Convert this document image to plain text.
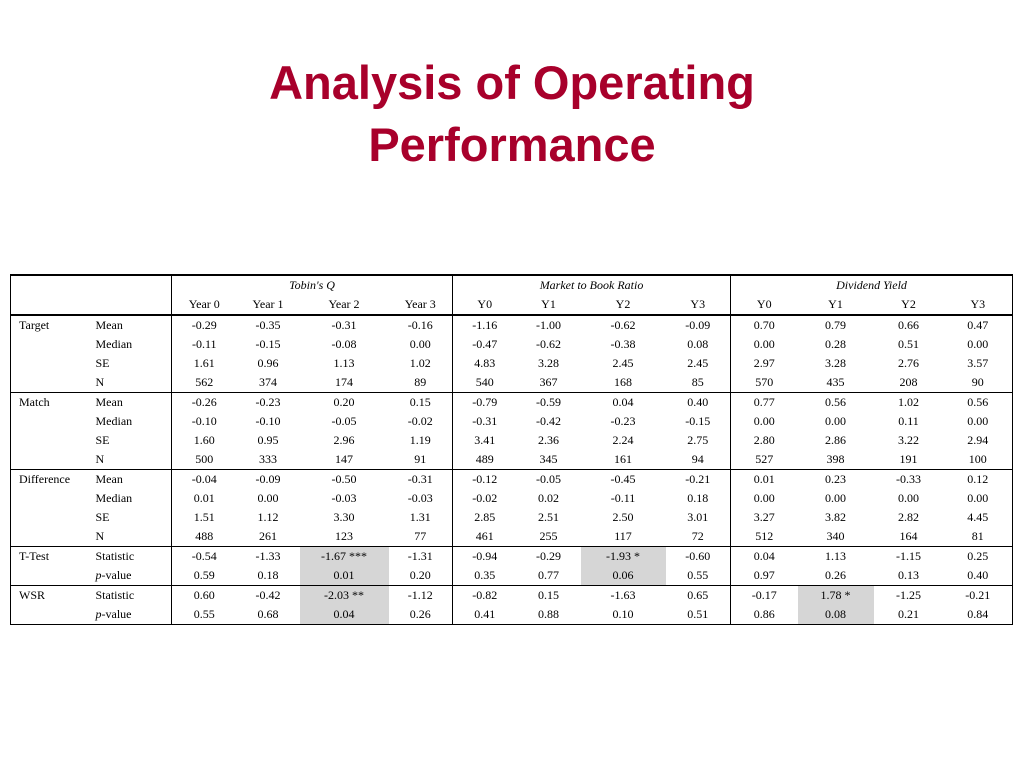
Analysis of Operating
Performance
		Tobin's Q				Market to Book Ratio				Dividend Yield			
		Year 0	Year 1	Year 2	Year 3	Y0	Y1	Y2	Y3	Y0	Y1	Y2	Y3
Target	Mean	-0.29	-0.35	-0.31	-0.16	-1.16	-1.00	-0.62	-0.09	0.70	0.79	0.66	0.47
	Median	-0.11	-0.15	-0.08	0.00	-0.47	-0.62	-0.38	0.08	0.00	0.28	0.51	0.00
	SE	1.61	0.96	1.13	1.02	4.83	3.28	2.45	2.45	2.97	3.28	2.76	3.57
	N	562	374	174	89	540	367	168	85	570	435	208	90
Match	Mean	-0.26	-0.23	0.20	0.15	-0.79	-0.59	0.04	0.40	0.77	0.56	1.02	0.56
	Median	-0.10	-0.10	-0.05	-0.02	-0.31	-0.42	-0.23	-0.15	0.00	0.00	0.11	0.00
	SE	1.60	0.95	2.96	1.19	3.41	2.36	2.24	2.75	2.80	2.86	3.22	2.94
	N	500	333	147	91	489	345	161	94	527	398	191	100
Difference	Mean	-0.04	-0.09	-0.50	-0.31	-0.12	-0.05	-0.45	-0.21	0.01	0.23	-0.33	0.12
	Median	0.01	0.00	-0.03	-0.03	-0.02	0.02	-0.11	0.18	0.00	0.00	0.00	0.00
	SE	1.51	1.12	3.30	1.31	2.85	2.51	2.50	3.01	3.27	3.82	2.82	4.45
	N	488	261	123	77	461	255	117	72	512	340	164	81
T-Test	Statistic	-0.54	-1.33	-1.67 ***	-1.31	-0.94	-0.29	-1.93 *	-0.60	0.04	1.13	-1.15	0.25
	p-value	0.59	0.18	0.01	0.20	0.35	0.77	0.06	0.55	0.97	0.26	0.13	0.40
WSR	Statistic	0.60	-0.42	-2.03 **	-1.12	-0.82	0.15	-1.63	0.65	-0.17	1.78 *	-1.25	-0.21
	p-value	0.55	0.68	0.04	0.26	0.41	0.88	0.10	0.51	0.86	0.08	0.21	0.84
